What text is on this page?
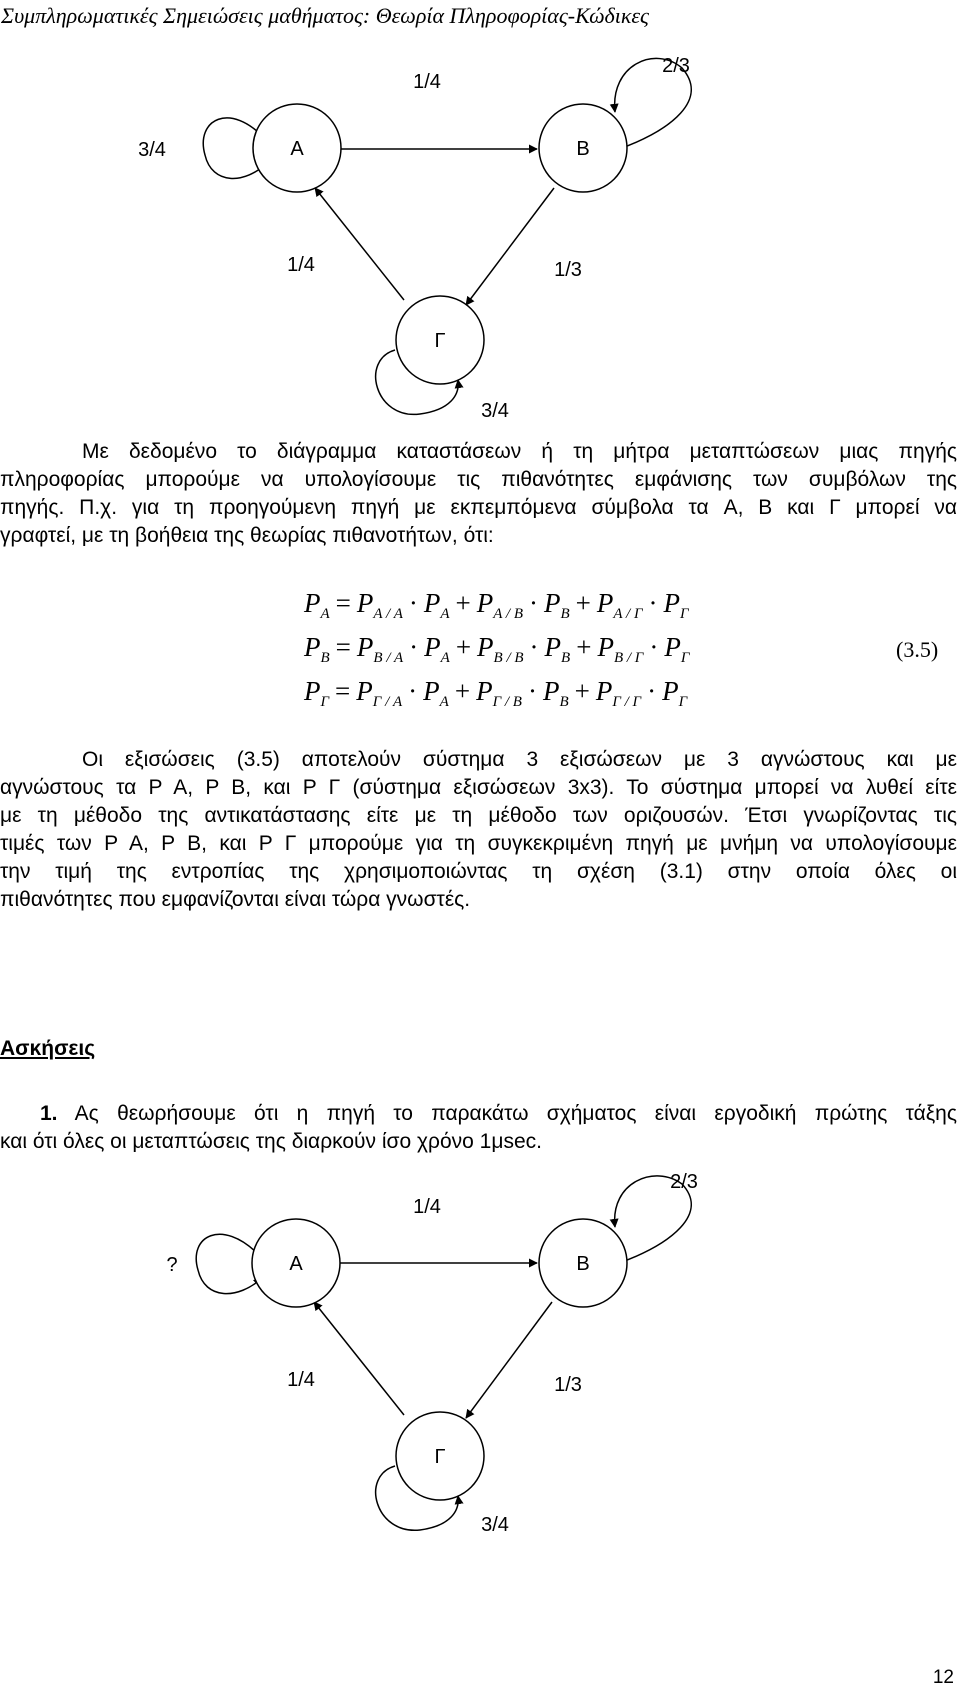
Συμπληρωματικές Σημειώσεις μαθήματος: Θεωρία Πληροφορίας-Κώδικες
A	B
Γ
1/4
2/3
3/4
1/4	1/3
3/4
Με δεδομένο το διάγραμμα καταστάσεων ή τη μήτρα μεταπτώσεων μιας πηγής
πληροφορίας μπορούμε να υπολογίσουμε τις πιθανότητες εμφάνισης των συμβόλων της
πηγής. Π.χ. για τη προηγούμενη πηγή με εκπεμπόμενα σύμβολα τα A, B και Γ μπορεί να
γραφτεί, με τη βοήθεια της θεωρίας πιθανοτήτων, ότι:
$P_A = P_{A / A} \cdot P_A + P_{A / B} \cdot P_B + P_{A / \Gamma} \cdot P_\Gamma$
$P_B = P_{B / A} \cdot P_A + P_{B / B} \cdot P_B + P_{B / \Gamma} \cdot P_\Gamma$
$P_\Gamma = P_{\Gamma / A} \cdot P_A + P_{\Gamma / B} \cdot P_B + P_{\Gamma / \Gamma} \cdot P_\Gamma$
(3.5)
Οι εξισώσεις (3.5) αποτελούν σύστημα 3 εξισώσεων με 3 αγνώστους και με
αγνώστους τα P A, P B, και P Γ (σύστημα εξισώσεων 3x3). Το σύστημα μπορεί να λυθεί είτε
με τη μέθοδο της αντικατάστασης είτε με τη μέθοδο των οριζουσών. Έτσι γνωρίζοντας τις
τιμές των P A, P B, και P Γ μπορούμε για τη συγκεκριμένη πηγή με μνήμη να υπολογίσουμε
την τιμή της εντροπίας της χρησιμοποιώντας τη σχέση (3.1) στην οποία όλες οι
πιθανότητες που εμφανίζονται είναι τώρα γνωστές.
Ασκήσεις
1. Ας θεωρήσουμε ότι η πηγή το παρακάτω σχήματος είναι εργοδική πρώτης τάξης
και ότι όλες οι μεταπτώσεις της διαρκούν ίσο χρόνο 1μsec.
A	B
Γ
1/4
2/3
?
1/4	1/3
3/4
12
